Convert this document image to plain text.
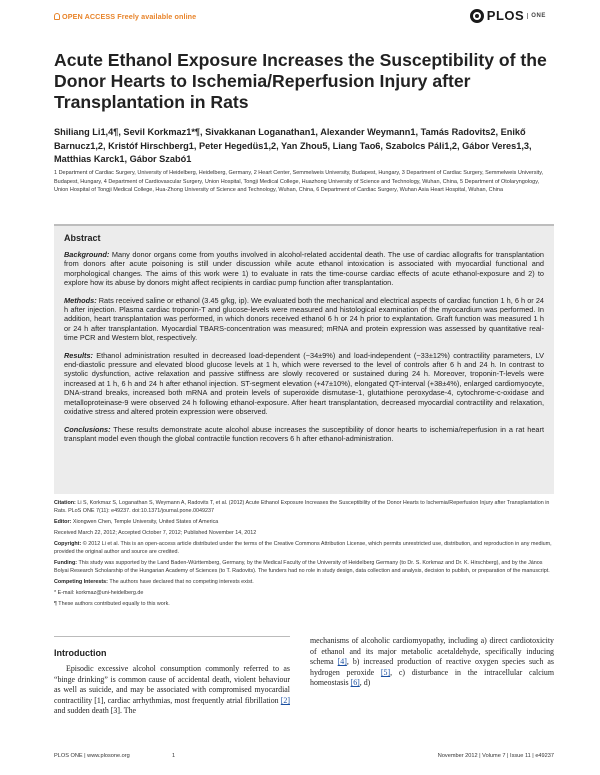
OPEN ACCESS Freely available online	PLOS	ONE
Acute Ethanol Exposure Increases the Susceptibility of the Donor Hearts to Ischemia/Reperfusion Injury after Transplantation in Rats
Shiliang Li1,4¶, Sevil Korkmaz1*¶, Sivakkanan Loganathan1, Alexander Weymann1, Tamás Radovits2, Enikő Barnucz1,2, Kristóf Hirschberg1, Peter Hegedüs1,2, Yan Zhou5, Liang Tao6, Szabolcs Páli1,2, Gábor Veres1,3, Matthias Karck1, Gábor Szabó1
1 Department of Cardiac Surgery, University of Heidelberg, Heidelberg, Germany, 2 Heart Center, Semmelweis University, Budapest, Hungary, 3 Department of Cardiac Surgery, Semmelweis University, Budapest, Hungary, 4 Department of Cardiovascular Surgery, Union Hospital, Tongji Medical College, Huazhong University of Science and Technology, Wuhan, China, 5 Department of Otolaryngology, Union Hospital of Tongji Medical College, Hua-Zhong University of Science and Technology, Wuhan, China, 6 Department of Cardiac Surgery, Wuhan Asia Heart Hospital, Wuhan, China
Abstract

Background: Many donor organs come from youths involved in alcohol-related accidental death. The use of cardiac allografts for transplantation from donors after acute poisoning is still under discussion while acute ethanol intoxication is associated with myocardial functional and morphological changes. The aims of this work were 1) to evaluate in rats the time-course cardiac effects of acute ethanol-exposure and 2) to explore how its abuse by donors might affect recipients in cardiac pump function after transplantation.

Methods: Rats received saline or ethanol (3.45 g/kg, ip). We evaluated both the mechanical and electrical aspects of cardiac function 1 h, 6 h or 24 h after injection. Plasma cardiac troponin-T and glucose-levels were measured and histological examination of the myocardium was performed. In addition, heart transplantation was performed, in which donors received ethanol 6 h or 24 h prior to explantation. Graft function was measured 1 h or 24 h after transplantation. Myocardial TBARS-concentration was measured; mRNA and protein expression was assessed by quantitative real-time PCR and Western blot, respectively.

Results: Ethanol administration resulted in decreased load-dependent (−34±9%) and load-independent (−33±12%) contractility parameters, LV end-diastolic pressure and elevated blood glucose levels at 1 h, which were reversed to the level of controls after 6 h and 24 h. In contrast to systolic dysfunction, active relaxation and passive stiffness are slowly recovered or sustained during 24 h. Moreover, troponin-T-levels were increased at 1 h, 6 h and 24 h after ethanol injection. ST-segment elevation (+47±10%), elongated QT-interval (+38±4%), enlarged cardiomyocyte, DNA-strand breaks, increased both mRNA and protein levels of superoxide dismutase-1, glutathione peroxydase-4, cytochrome-c-oxidase and metalloproteinase-9 were observed 24 h following ethanol-exposure. After heart transplantation, decreased myocardial contractility and relaxation, oxidative stress and altered protein expression were observed.

Conclusions: These results demonstrate acute alcohol abuse increases the susceptibility of donor hearts to ischemia/reperfusion in a rat heart transplant model even though the global contractile function recovers 6 h after ethanol-administration.

Citation: Li S, Korkmaz S, Loganathan S, Weymann A, Radovits T, et al. (2012) Acute Ethanol Exposure Increases the Susceptibility of the Donor Hearts to Ischemia/Reperfusion Injury after Transplantation in Rats. PLoS ONE 7(11): e49237. doi:10.1371/journal.pone.0049237

Editor: Xiongwen Chen, Temple University, United States of America

Received March 22, 2012; Accepted October 7, 2012; Published November 14, 2012

Copyright: © 2012 Li et al. This is an open-access article distributed under the terms of the Creative Commons Attribution License, which permits unrestricted use, distribution, and reproduction in any medium, provided the original author and source are credited.

Funding: This study was supported by the Land Baden-Württemberg, Germany, by the Medical Faculty of the University of Heidelberg Germany (to Dr. S. Korkmaz and Dr. K. Hirschberg), and by the János Bolyai Research Scholarship of the Hungarian Academy of Sciences (to T. Radovits). The funders had no role in study design, data collection and analysis, decision to publish, or preparation of the manuscript.

Competing Interests: The authors have declared that no competing interests exist.

* E-mail: korkmaz@uni-heidelberg.de

¶ These authors contributed equally to this work.

Introduction

Episodic excessive alcohol consumption commonly referred to as “binge drinking” is common cause of accidental death, violent behaviour as well as suicide, and may be associated with compromised myocardial contractility [1], cardiac arrhythmias, most frequently atrial fibrillation [2] and sudden death [3]. The

mechanisms of alcoholic cardiomyopathy, including a) direct cardiotoxicity of ethanol and its major metabolic acetaldehyde, specifically inducing schema [4], b) increased production of reactive oxygen species such as hydrogen peroxide [5], c) disturbance in the intracellular calcium homeostasis [6], d)

PLOS ONE | www.plosone.org	1	November 2012 | Volume 7 | Issue 11 | e49237
